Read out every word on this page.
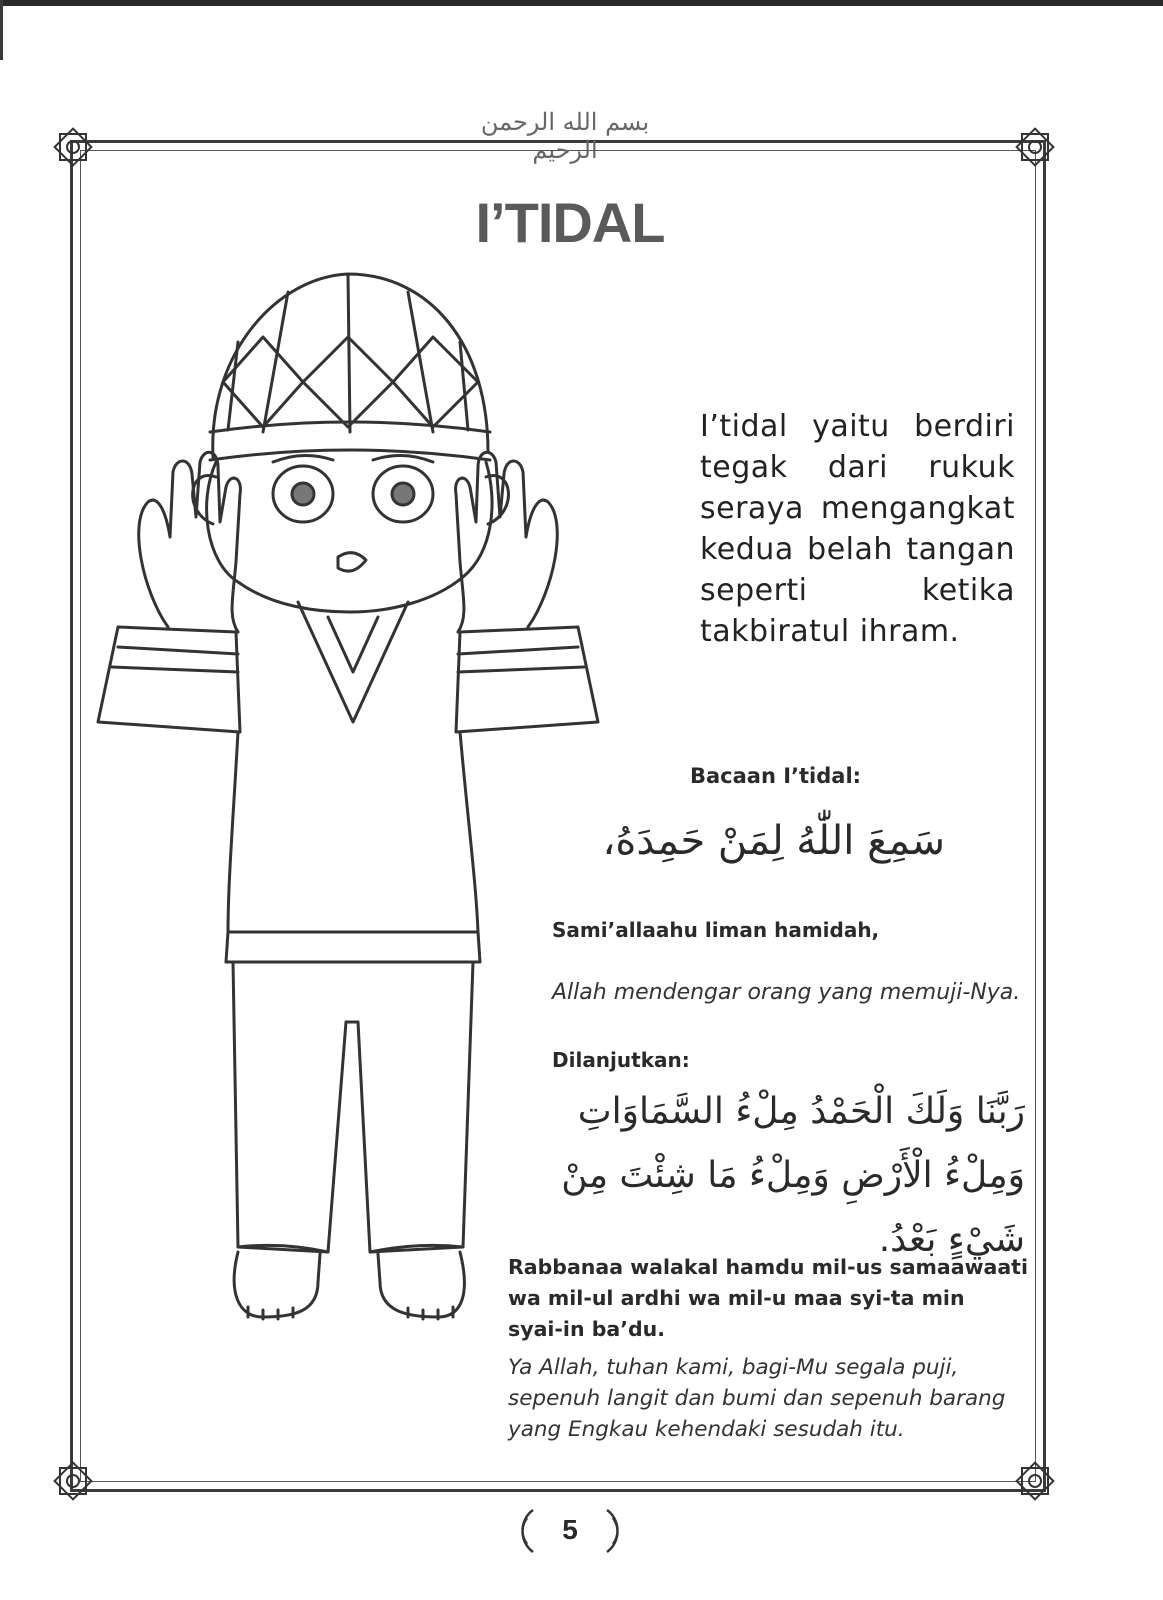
بسم الله الرحمن الرحيم
I’TIDAL
I’tidal yaitu berdiri tegak dari rukuk seraya mengangkat kedua belah tangan seperti ketika takbiratul ihram.
Bacaan I’tidal:
سَمِعَ اللّٰهُ لِمَنْ حَمِدَهُ،
Sami’allaahu liman hamidah,
Allah mendengar orang yang memuji-Nya.
Dilanjutkan:
رَبَّنَا وَلَكَ الْحَمْدُ مِلْءُ السَّمَاوَاتِ
وَمِلْءُ الْأَرْضِ وَمِلْءُ مَا شِئْتَ مِنْ شَيْءٍ بَعْدُ.
Rabbanaa walakal hamdu mil-us samaawaati
wa mil-ul ardhi wa mil-u maa syi-ta min
syai-in ba’du.
Ya Allah, tuhan kami, bagi-Mu segala puji,
sepenuh langit dan bumi dan sepenuh barang
yang Engkau kehendaki sesudah itu.
5
